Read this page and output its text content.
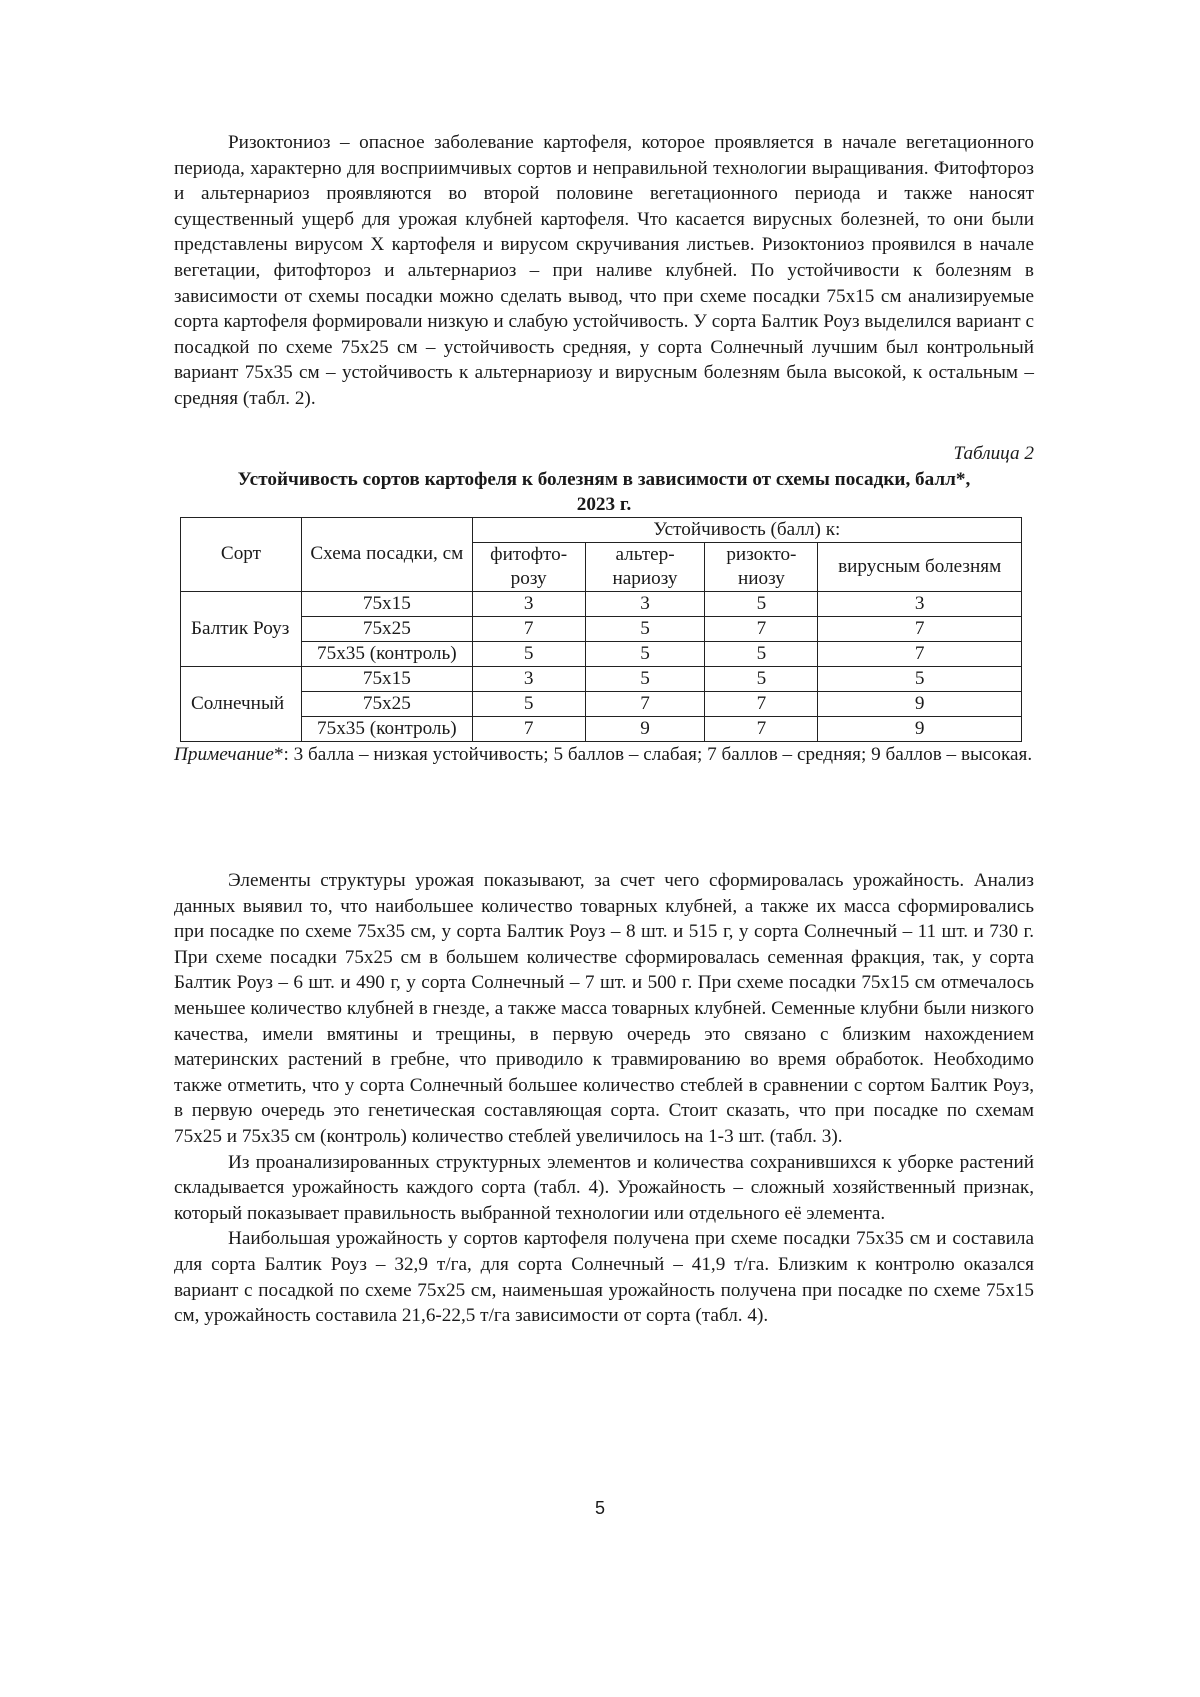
Ризоктониоз – опасное заболевание картофеля, которое проявляется в начале вегетационного периода, характерно для восприимчивых сортов и неправильной технологии выращивания. Фитофтороз и альтернариоз проявляются во второй половине вегетационного периода и также наносят существенный ущерб для урожая клубней картофеля. Что касается вирусных болезней, то они были представлены вирусом Х картофеля и вирусом скручивания листьев. Ризоктониоз проявился в начале вегетации, фитофтороз и альтернариоз – при наливе клубней. По устойчивости к болезням в зависимости от схемы посадки можно сделать вывод, что при схеме посадки 75x15 см анализируемые сорта картофеля формировали низкую и слабую устойчивость. У сорта Балтик Роуз выделился вариант с посадкой по схеме 75x25 см – устойчивость средняя, у сорта Солнечный лучшим был контрольный вариант 75x35 см – устойчивость к альтернариозу и вирусным болезням была высокой, к остальным – средняя (табл. 2).

Таблица 2
Устойчивость сортов картофеля к болезням в зависимости от схемы посадки, балл*,
2023 г.
Сорт	Схема посадки, см	Устойчивость (балл) к:			
		фитофто-розу	альтер-нариозу	ризокто-ниозу	вирусным болезням
Балтик Роуз	75x15	3	3	5	3
	75x25	7	5	7	7
	75x35 (контроль)	5	5	5	7
Солнечный	75x15	3	5	5	5
	75x25	5	7	7	9
	75x35 (контроль)	7	9	7	9
Примечание*: 3 балла – низкая устойчивость; 5 баллов – слабая; 7 баллов – средняя; 9 баллов – высокая.

Элементы структуры урожая показывают, за счет чего сформировалась урожайность. Анализ данных выявил то, что наибольшее количество товарных клубней, а также их масса сформировались при посадке по схеме 75x35 см, у сорта Балтик Роуз – 8 шт. и 515 г, у сорта Солнечный – 11 шт. и 730 г. При схеме посадки 75x25 см в большем количестве сформировалась семенная фракция, так, у сорта Балтик Роуз – 6 шт. и 490 г, у сорта Солнечный – 7 шт. и 500 г. При схеме посадки 75x15 см отмечалось меньшее количество клубней в гнезде, а также масса товарных клубней. Семенные клубни были низкого качества, имели вмятины и трещины, в первую очередь это связано с близким нахождением материнских растений в гребне, что приводило к травмированию во время обработок. Необходимо также отметить, что у сорта Солнечный большее количество стеблей в сравнении с сортом Балтик Роуз, в первую очередь это генетическая составляющая сорта. Стоит сказать, что при посадке по схемам 75x25 и 75x35 см (контроль) количество стеблей увеличилось на 1-3 шт. (табл. 3).

Из проанализированных структурных элементов и количества сохранившихся к уборке растений складывается урожайность каждого сорта (табл. 4). Урожайность – сложный хозяйственный признак, который показывает правильность выбранной технологии или отдельного её элемента.

Наибольшая урожайность у сортов картофеля получена при схеме посадки 75x35 см и составила для сорта Балтик Роуз – 32,9 т/га, для сорта Солнечный – 41,9 т/га. Близким к контролю оказался вариант с посадкой по схеме 75x25 см, наименьшая урожайность получена при посадке по схеме 75x15 см, урожайность составила 21,6-22,5 т/га зависимости от сорта (табл. 4).

5
